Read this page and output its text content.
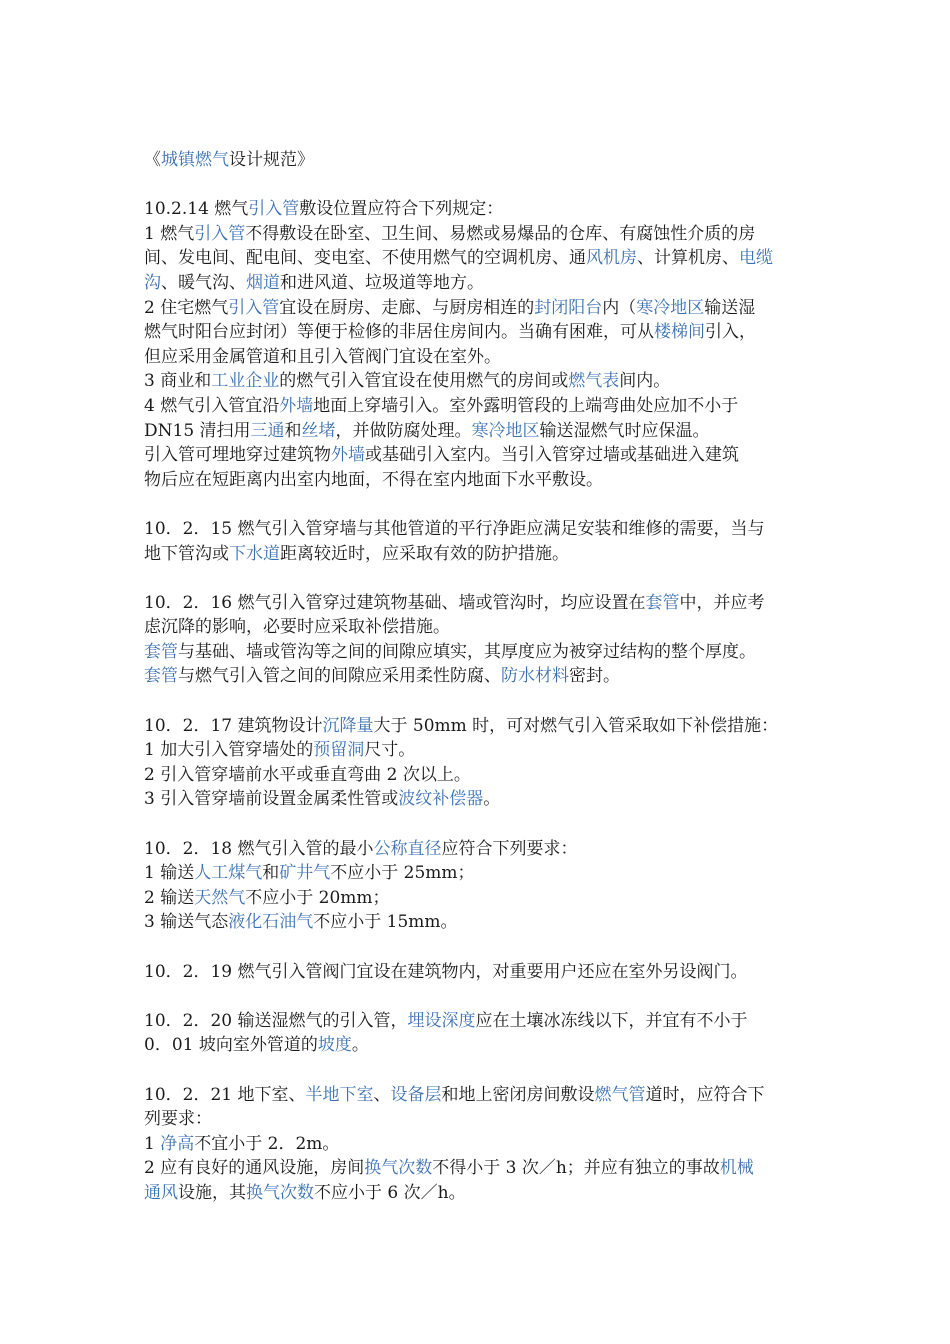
《城镇燃气设计规范》
10.2.14 燃气引入管敷设位置应符合下列规定：
1 燃气引入管不得敷设在卧室、卫生间、易燃或易爆品的仓库、有腐蚀性介质的房
间、发电间、配电间、变电室、不使用燃气的空调机房、通风机房、计算机房、电缆
沟、暖气沟、烟道和进风道、垃圾道等地方。
2 住宅燃气引入管宜设在厨房、走廊、与厨房相连的封闭阳台内（寒冷地区输送湿
燃气时阳台应封闭）等便于检修的非居住房间内。当确有困难，可从楼梯间引入，
但应采用金属管道和且引入管阀门宜设在室外。
3 商业和工业企业的燃气引入管宜设在使用燃气的房间或燃气表间内。
4 燃气引入管宜沿外墙地面上穿墙引入。室外露明管段的上端弯曲处应加不小于
DN15 清扫用三通和丝堵，并做防腐处理。寒冷地区输送湿燃气时应保温。
引入管可埋地穿过建筑物外墙或基础引入室内。当引入管穿过墙或基础进入建筑
物后应在短距离内出室内地面，不得在室内地面下水平敷设。
10．2．15 燃气引入管穿墙与其他管道的平行净距应满足安装和维修的需要，当与
地下管沟或下水道距离较近时，应采取有效的防护措施。
10．2．16 燃气引入管穿过建筑物基础、墙或管沟时，均应设置在套管中，并应考
虑沉降的影响，必要时应采取补偿措施。
套管与基础、墙或管沟等之间的间隙应填实，其厚度应为被穿过结构的整个厚度。
套管与燃气引入管之间的间隙应采用柔性防腐、防水材料密封。
10．2．17 建筑物设计沉降量大于 50mm 时，可对燃气引入管采取如下补偿措施：
1 加大引入管穿墙处的预留洞尺寸。
2 引入管穿墙前水平或垂直弯曲 2 次以上。
3 引入管穿墙前设置金属柔性管或波纹补偿器。
10．2．18 燃气引入管的最小公称直径应符合下列要求：
1 输送人工煤气和矿井气不应小于 25mm；
2 输送天然气不应小于 20mm；
3 输送气态液化石油气不应小于 15mm。
10．2．19 燃气引入管阀门宜设在建筑物内，对重要用户还应在室外另设阀门。
10．2．20 输送湿燃气的引入管，埋设深度应在土壤冰冻线以下，并宜有不小于
0．01 坡向室外管道的坡度。
10．2．21 地下室、半地下室、设备层和地上密闭房间敷设燃气管道时，应符合下
列要求：
1 净高不宜小于 2．2m。
2 应有良好的通风设施，房间换气次数不得小于 3 次／h；并应有独立的事故机械
通风设施，其换气次数不应小于 6 次／h。
